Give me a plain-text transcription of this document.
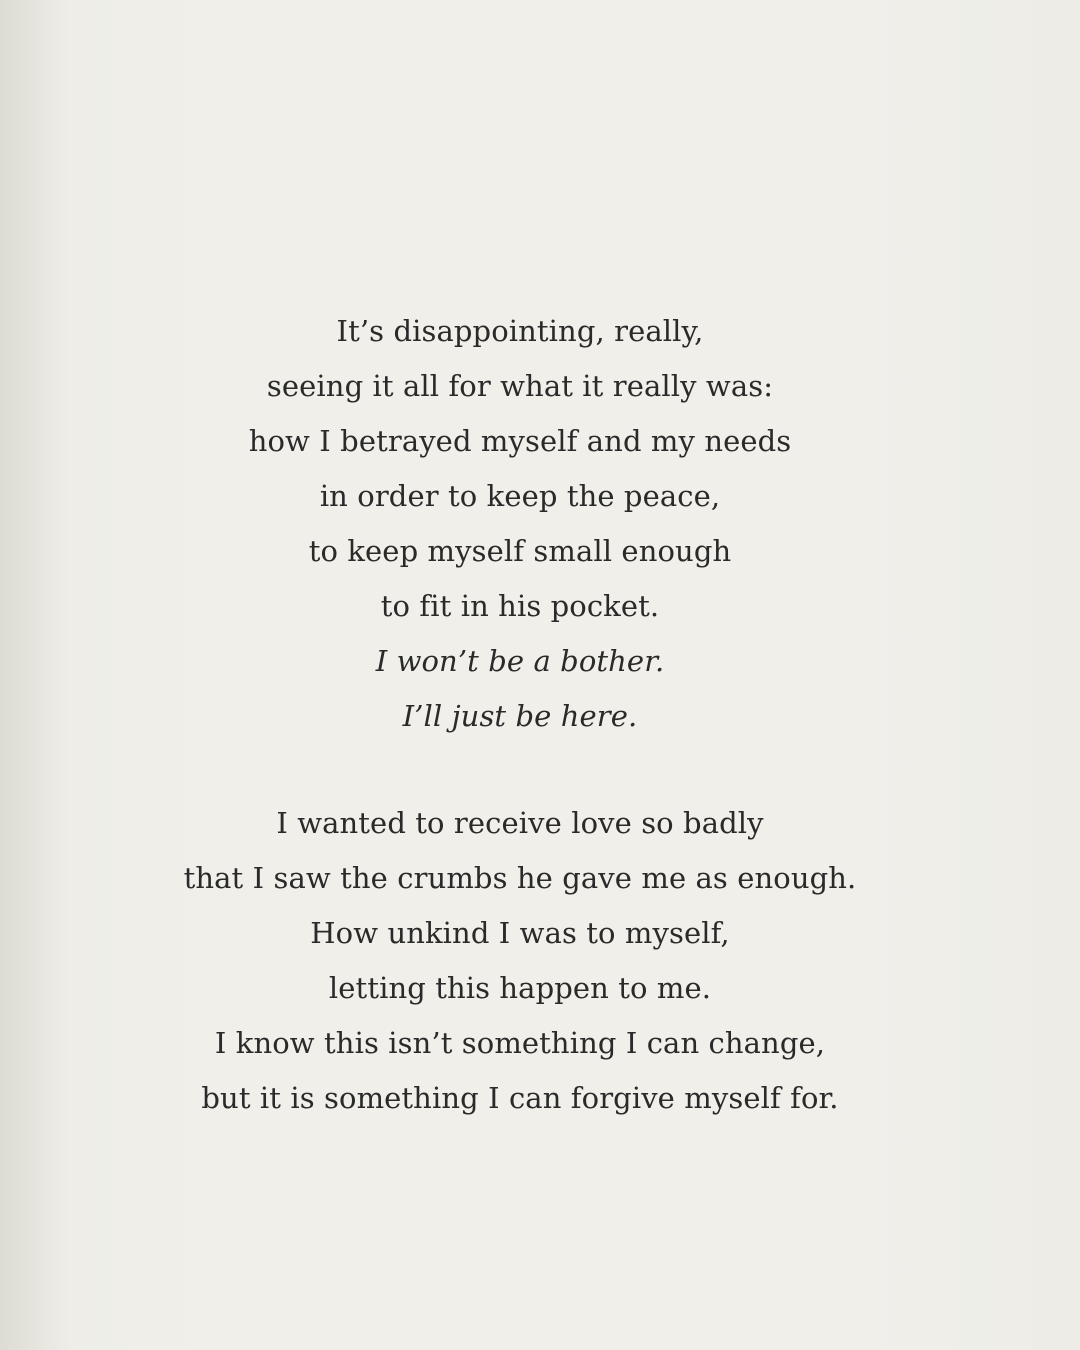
It’s disappointing, really,
seeing it all for what it really was:
how I betrayed myself and my needs
in order to keep the peace,
to keep myself small enough
to fit in his pocket.
I won’t be a bother.
I’ll just be here.
I wanted to receive love so badly
that I saw the crumbs he gave me as enough.
How unkind I was to myself,
letting this happen to me.
I know this isn’t something I can change,
but it is something I can forgive myself for.
